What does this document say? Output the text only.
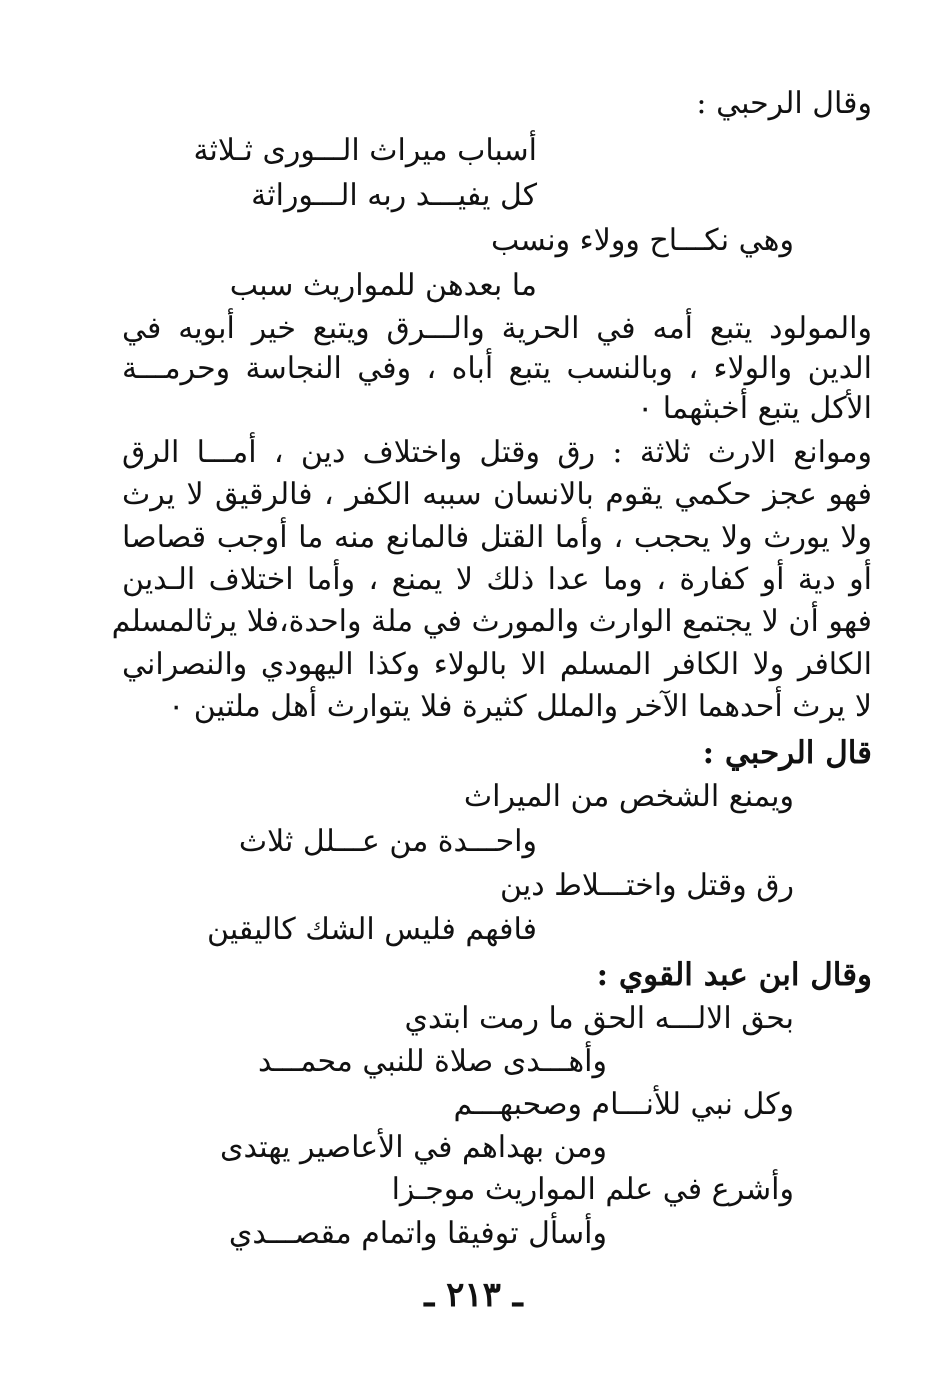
وقال الرحبي :
أسباب ميراث الـــورى ثـلاثة
كل يفيـــد ربه الـــوراثة
وهي نكـــاح وولاء ونسب
ما بعدهن للمواريث سبب
والمولود يتبع أمه في الحرية والـــرق ويتبع خير أبويه في
الدين والولاء ، وبالنسب يتبع أباه ، وفي النجاسة وحرمـــة
الأكل يتبع أخبثهما ٠
وموانع الارث ثلاثة : رق وقتل واختلاف دين ، أمـــا الرق
فهو عجز حكمي يقوم بالانسان سببه الكفر ، فالرقيق لا يرث
ولا يورث ولا يحجب ، وأما القتل فالمانع منه ما أوجب قصاصا
أو دية أو كفارة ، وما عدا ذلك لا يمنع ، وأما اختلاف الـدين
فهو أن لا يجتمع الوارث والمورث في ملة واحدة،فلا يرثالمسلم
الكافر ولا الكافر المسلم الا بالولاء وكذا اليهودي والنصراني
لا يرث أحدهما الآخر والملل كثيرة فلا يتوارث أهل ملتين ٠
قال الرحبي :
ويمنع الشخص من الميراث
واحـــدة من عـــلل ثلاث
رق وقتل واختـــلاط دين
فافهم فليس الشك كاليقين
وقال ابن عبد القوي :
بحق الالـــه الحق ما رمت ابتدي
وأهـــدى صلاة للنبي محمـــد
وكل نبي للأنـــام وصحبهـــم
ومن بهداهم في الأعاصير يهتدى
وأشرع في علم المواريث موجـزا
وأسأل توفيقا واتمام مقصـــدي
ـ ٢١٣ ـ
